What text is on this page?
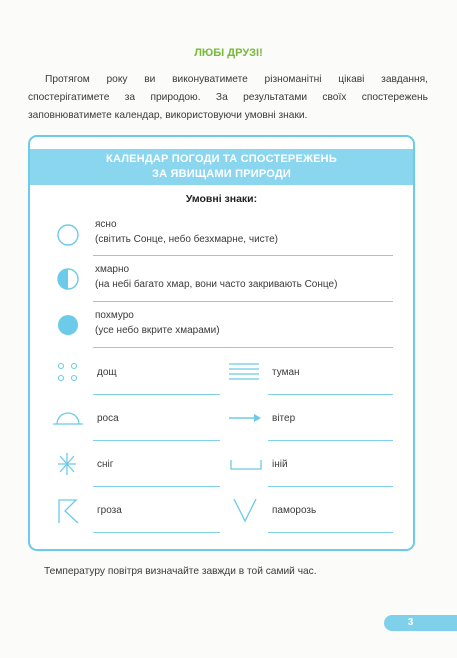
ЛЮБІ ДРУЗІ!
Протягом року ви виконуватимете різноманітні цікаві завдання, спостерігатимете за природою. За результатами своїх спостережень заповнюватимете календар, використовуючи умовні знаки.
КАЛЕНДАР ПОГОДИ ТА СПОСТЕРЕЖЕНЬ
ЗА ЯВИЩАМИ ПРИРОДИ
Умовні знаки:
ясно
(світить Сонце, небо безхмарне, чисте)
хмарно
(на небі багато хмар, вони часто закривають Сонце)
похмуро
(усе небо вкрите хмарами)
дощ	туман
роса	вітер
сніг	іній
гроза	паморозь
Температуру повітря визначайте завжди в той самий час.
3
